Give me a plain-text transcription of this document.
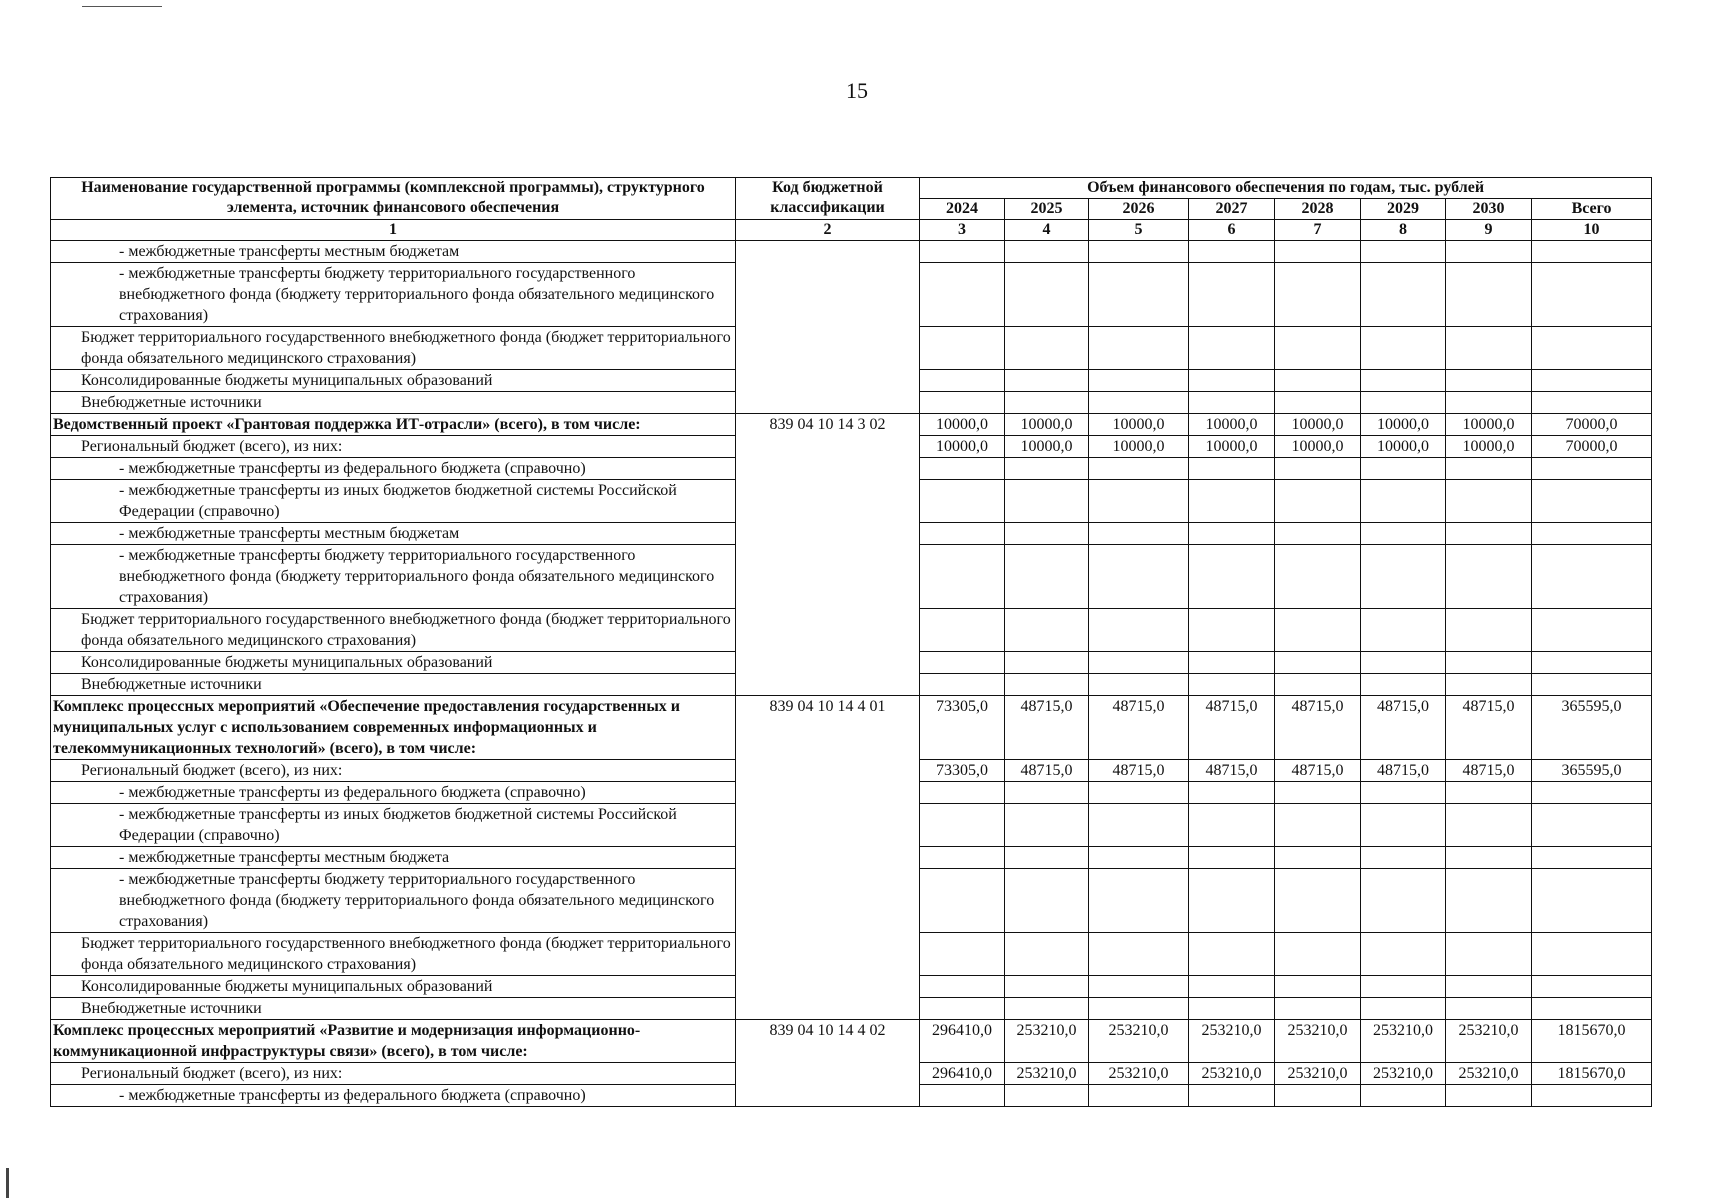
15
Наименование государственной программы (комплексной программы), структурного элемента, источник финансового обеспечения	Код бюджетной классификации	Объем финансового обеспечения по годам, тыс. рублей							
		2024	2025	2026	2027	2028	2029	2030	Всего
1	2	3	4	5	6	7	8	9	10
- межбюджетные трансферты местным бюджетам									
- межбюджетные трансферты бюджету территориального государственного внебюджетного фонда (бюджету территориального фонда обязательного медицинского страхования)									
Бюджет территориального государственного внебюджетного фонда (бюджет территориального фонда обязательного медицинского страхования)									
Консолидированные бюджеты муниципальных образований									
Внебюджетные источники									
Ведомственный проект «Грантовая поддержка ИТ-отрасли» (всего), в том числе:	839 04 10 14 3 02	10000,0	10000,0	10000,0	10000,0	10000,0	10000,0	10000,0	70000,0
Региональный бюджет (всего), из них:		10000,0	10000,0	10000,0	10000,0	10000,0	10000,0	10000,0	70000,0
- межбюджетные трансферты из федерального бюджета (справочно)									
- межбюджетные трансферты из иных бюджетов бюджетной системы Российской Федерации (справочно)									
- межбюджетные трансферты местным бюджетам									
- межбюджетные трансферты бюджету территориального государственного внебюджетного фонда (бюджету территориального фонда обязательного медицинского страхования)									
Бюджет территориального государственного внебюджетного фонда (бюджет территориального фонда обязательного медицинского страхования)									
Консолидированные бюджеты муниципальных образований									
Внебюджетные источники									
Комплекс процессных мероприятий «Обеспечение предоставления государственных и муниципальных услуг с использованием современных информационных и телекоммуникационных технологий» (всего), в том числе:	839 04 10 14 4 01	73305,0	48715,0	48715,0	48715,0	48715,0	48715,0	48715,0	365595,0
Региональный бюджет (всего), из них:		73305,0	48715,0	48715,0	48715,0	48715,0	48715,0	48715,0	365595,0
- межбюджетные трансферты из федерального бюджета (справочно)									
- межбюджетные трансферты из иных бюджетов бюджетной системы Российской Федерации (справочно)									
- межбюджетные трансферты местным бюджета									
- межбюджетные трансферты бюджету территориального государственного внебюджетного фонда (бюджету территориального фонда обязательного медицинского страхования)									
Бюджет территориального государственного внебюджетного фонда (бюджет территориального фонда обязательного медицинского страхования)									
Консолидированные бюджеты муниципальных образований									
Внебюджетные источники									
Комплекс процессных мероприятий «Развитие и модернизация информационно-коммуникационной инфраструктуры связи» (всего), в том числе:	839 04 10 14 4 02	296410,0	253210,0	253210,0	253210,0	253210,0	253210,0	253210,0	1815670,0
Региональный бюджет (всего), из них:		296410,0	253210,0	253210,0	253210,0	253210,0	253210,0	253210,0	1815670,0
- межбюджетные трансферты из федерального бюджета (справочно)									
